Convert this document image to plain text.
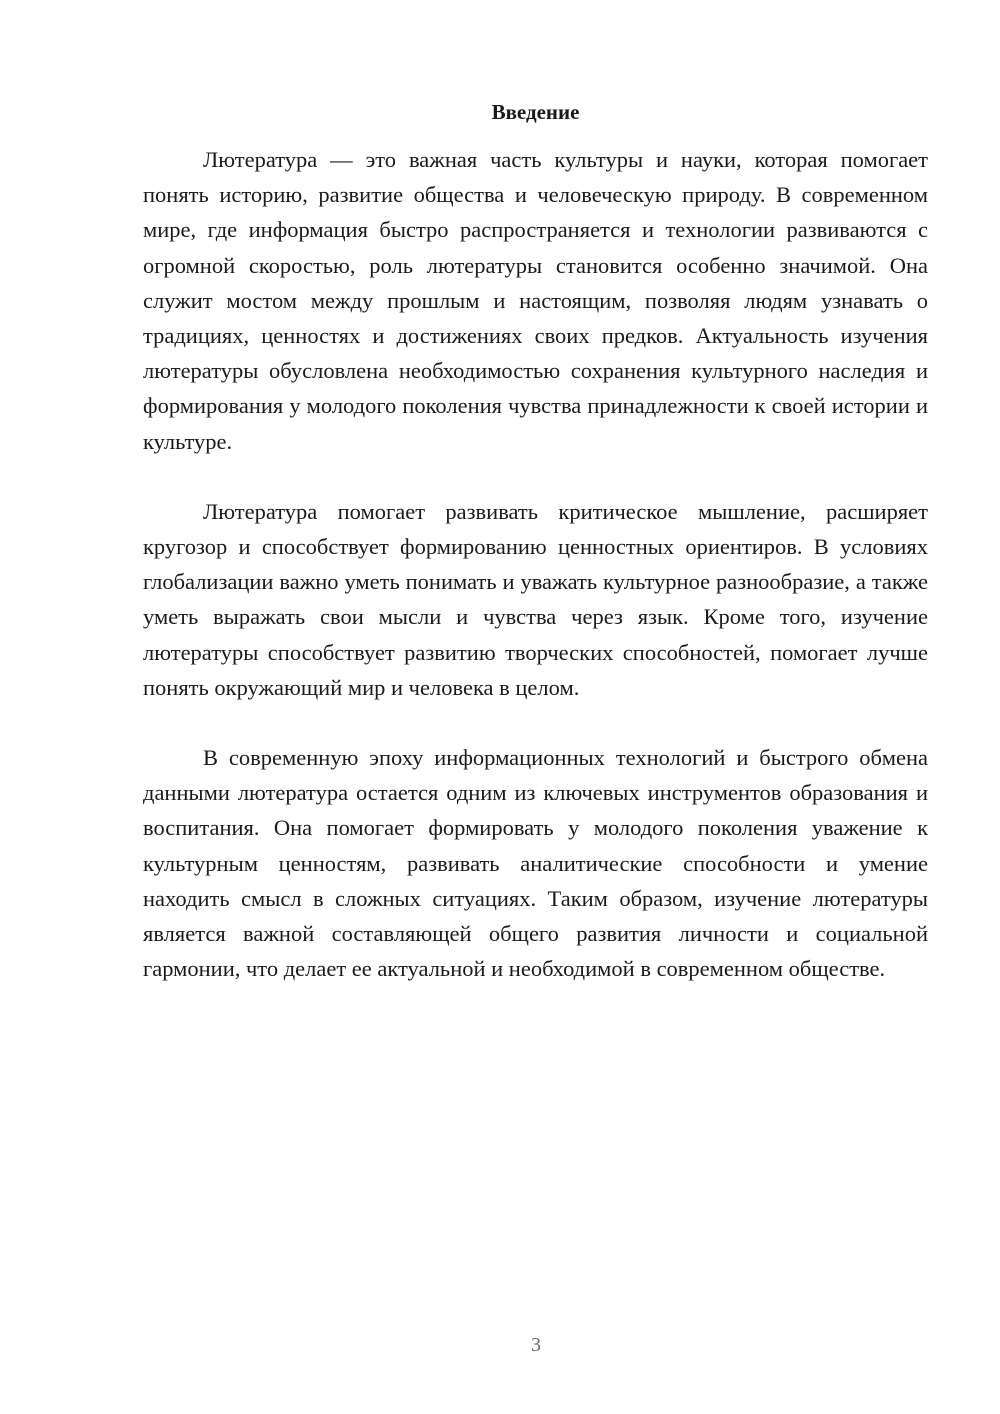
Введение

Лютература — это важная часть культуры и науки, которая помогает понять историю, развитие общества и человеческую природу. В современном мире, где информация быстро распространяется и технологии развиваются с огромной скоростью, роль лютературы становится особенно значимой. Она служит мостом между прошлым и настоящим, позволяя людям узнавать о традициях, ценностях и достижениях своих предков. Актуальность изучения лютературы обусловлена необходимостью сохранения культурного наследия и формирования у молодого поколения чувства принадлежности к своей истории и культуре.

Лютература помогает развивать критическое мышление, расширяет кругозор и способствует формированию ценностных ориентиров. В условиях глобализации важно уметь понимать и уважать культурное разнообразие, а также уметь выражать свои мысли и чувства через язык. Кроме того, изучение лютературы способствует развитию творческих способностей, помогает лучше понять окружающий мир и человека в целом.

В современную эпоху информационных технологий и быстрого обмена данными лютература остается одним из ключевых инструментов образования и воспитания. Она помогает формировать у молодого поколения уважение к культурным ценностям, развивать аналитические способности и умение находить смысл в сложных ситуациях. Таким образом, изучение лютературы является важной составляющей общего развития личности и социальной гармонии, что делает ее актуальной и необходимой в современном обществе.

3
